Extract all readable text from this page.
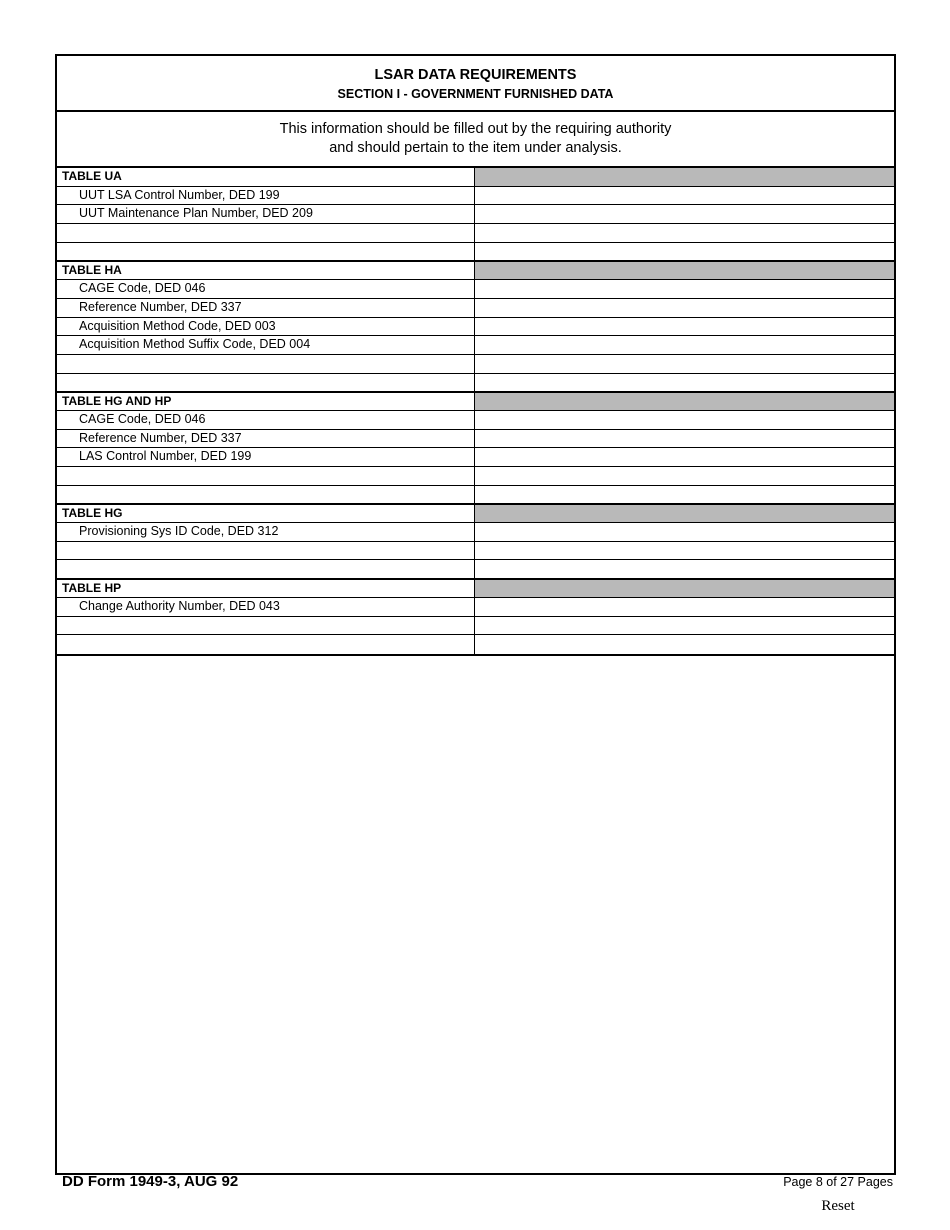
LSAR DATA REQUIREMENTS
SECTION I - GOVERNMENT FURNISHED DATA
This information should be filled out by the requiring authority
and should pertain to the item under analysis.
TABLE UA
UUT LSA Control Number, DED 199
UUT Maintenance Plan Number, DED 209
TABLE HA
CAGE Code, DED 046
Reference Number, DED 337
Acquisition Method Code, DED 003
Acquisition Method Suffix Code, DED 004
TABLE HG AND HP
CAGE Code, DED 046
Reference Number, DED 337
LAS Control Number, DED 199
TABLE HG
Provisioning Sys ID Code, DED 312
TABLE HP
Change Authority Number, DED 043
DD Form 1949-3, AUG 92	Page 8 of 27 Pages
Reset
